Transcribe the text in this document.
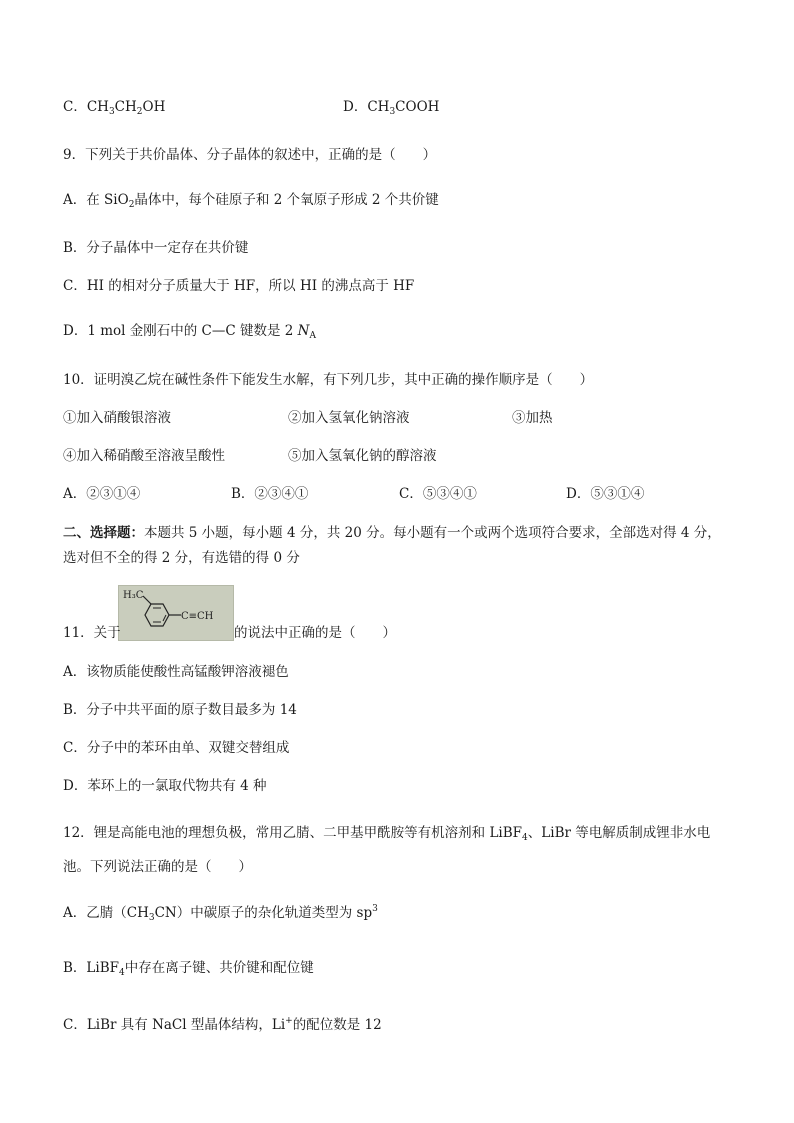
C．$CH_3CH_2OH$	D．$CH_3COOH$
9．下列关于共价晶体、分子晶体的叙述中，正确的是（　　）
A．在 SiO$_2$晶体中，每个硅原子和 2 个氧原子形成 2 个共价键
B．分子晶体中一定存在共价键
C．HI 的相对分子质量大于 HF，所以 HI 的沸点高于 HF
D．1 mol 金刚石中的 C—C 键数是 2 $N_A$
10．证明溴乙烷在碱性条件下能发生水解，有下列几步，其中正确的操作顺序是（　　）
①加入硝酸银溶液	②加入氢氧化钠溶液	③加热
④加入稀硝酸至溶液呈酸性	⑤加入氢氧化钠的醇溶液
A．②③①④	B．②③④①	C．⑤③④①	D．⑤③①④
二、选择题：本题共 5 小题，每小题 4 分，共 20 分。每小题有一个或两个选项符合要求，全部选对得 4 分，
选对但不全的得 2 分，有选错的得 0 分
H₃C
C≡CH
11．关于	的说法中正确的是（　　）
A．该物质能使酸性高锰酸钾溶液褪色
B．分子中共平面的原子数目最多为 14
C．分子中的苯环由单、双键交替组成
D．苯环上的一氯取代物共有 4 种
12．锂是高能电池的理想负极，常用乙腈、二甲基甲酰胺等有机溶剂和 LiBF$_4$、LiBr 等电解质制成锂非水电
池。下列说法正确的是（　　）
A．乙腈$(CH_3CN)$中碳原子的杂化轨道类型为 $sp^3$
B．LiBF$_4$中存在离子键、共价键和配位键
C．LiBr 具有 NaCl 型晶体结构，Li+的配位数是 12
